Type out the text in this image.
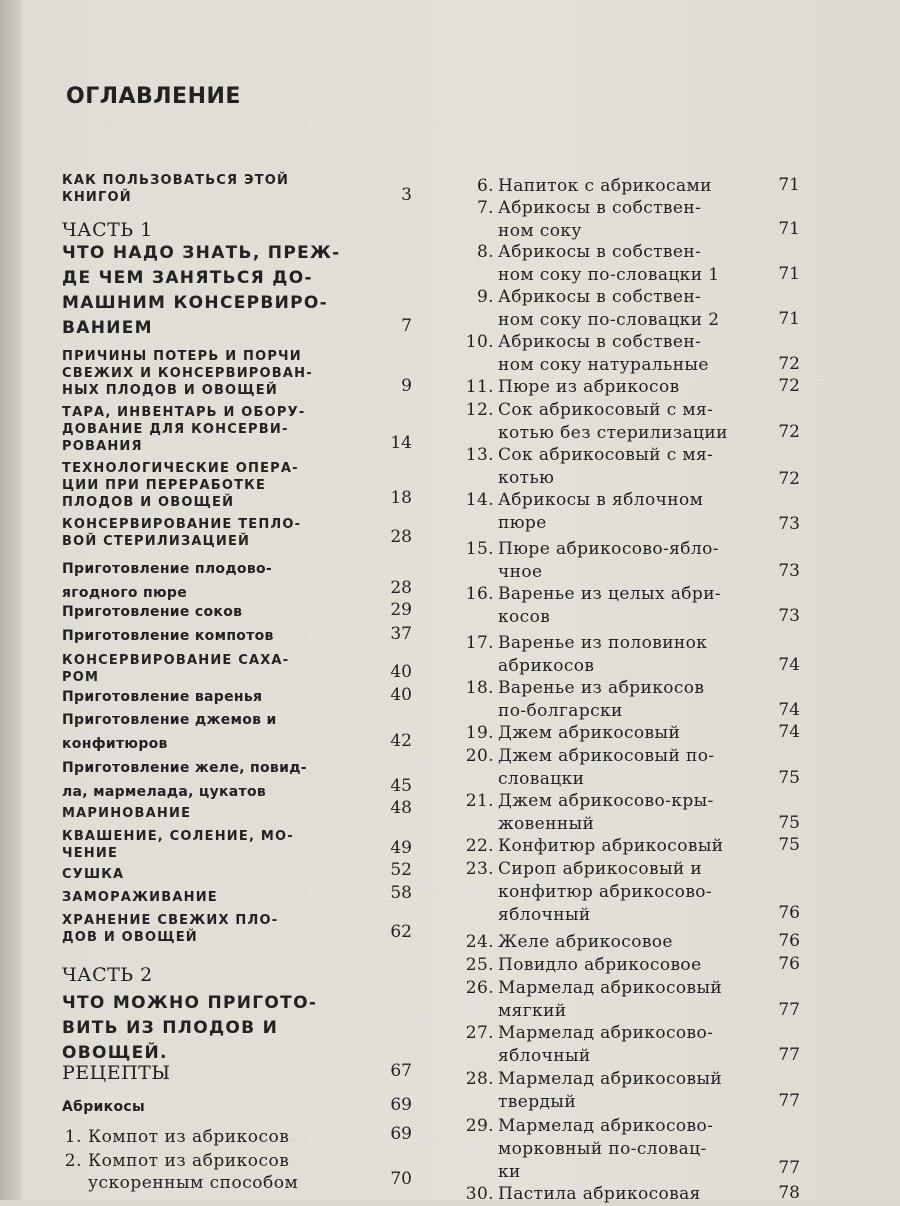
ОГЛАВЛЕНИЕ
КАК ПОЛЬЗОВАТЬСЯ ЭТОЙ
КНИГОЙ	3
ЧАСТЬ 1
ЧТО НАДО ЗНАТЬ, ПРЕЖ-
ДЕ ЧЕМ ЗАНЯТЬСЯ ДО-
МАШНИМ КОНСЕРВИРО-
ВАНИЕМ	7
ПРИЧИНЫ ПОТЕРЬ И ПОРЧИ
СВЕЖИХ И КОНСЕРВИРОВАН-
НЫХ ПЛОДОВ И ОВОЩЕЙ	9
ТАРА, ИНВЕНТАРЬ И ОБОРУ-
ДОВАНИЕ ДЛЯ КОНСЕРВИ-
РОВАНИЯ	14
ТЕХНОЛОГИЧЕСКИЕ ОПЕРА-
ЦИИ ПРИ ПЕРЕРАБОТКЕ
ПЛОДОВ И ОВОЩЕЙ	18
КОНСЕРВИРОВАНИЕ ТЕПЛО-
ВОЙ СТЕРИЛИЗАЦИЕЙ	28
Приготовление плодово-
ягодного пюре	28
Приготовление соков	29
Приготовление компотов	37
КОНСЕРВИРОВАНИЕ САХА-
РОМ	40
Приготовление варенья	40
Приготовление джемов и
конфитюров	42
Приготовление желе, повид-
ла, мармелада, цукатов	45
МАРИНОВАНИЕ	48
КВАШЕНИЕ, СОЛЕНИЕ, МО-
ЧЕНИЕ	49
СУШКА	52
ЗАМОРАЖИВАНИЕ	58
ХРАНЕНИЕ СВЕЖИХ ПЛО-
ДОВ И ОВОЩЕЙ	62
ЧАСТЬ 2
ЧТО МОЖНО ПРИГОТО-
ВИТЬ ИЗ ПЛОДОВ И
ОВОЩЕЙ.
РЕЦЕПТЫ	67
Абрикосы	69
1. Компот из абрикосов	69
2. Компот из абрикосов
ускоренным способом	70
6. Напиток с абрикосами	71
7. Абрикосы в собствен-
ном соку	71
8. Абрикосы в собствен-
ном соку по-словацки 1	71
9. Абрикосы в собствен-
ном соку по-словацки 2	71
10. Абрикосы в собствен-
ном соку натуральные	72
11. Пюре из абрикосов	72
12. Сок абрикосовый с мя-
котью без стерилизации	72
13. Сок абрикосовый с мя-
котью	72
14. Абрикосы в яблочном
пюре	73
15. Пюре абрикосово-ябло-
чное	73
16. Варенье из целых абри-
косов	73
17. Варенье из половинок
абрикосов	74
18. Варенье из абрикосов
по-болгарски	74
19. Джем абрикосовый	74
20. Джем абрикосовый по-
словацки	75
21. Джем абрикосово-кры-
жовенный	75
22. Конфитюр абрикосовый	75
23. Сироп абрикосовый и
конфитюр абрикосово-
яблочный	76
24. Желе абрикосовое	76
25. Повидло абрикосовое	76
26. Мармелад абрикосовый
мягкий	77
27. Мармелад абрикосово-
яблочный	77
28. Мармелад абрикосовый
твердый	77
29. Мармелад абрикосово-
морковный по-словац-
ки	77
30. Пастила абрикосовая	78
